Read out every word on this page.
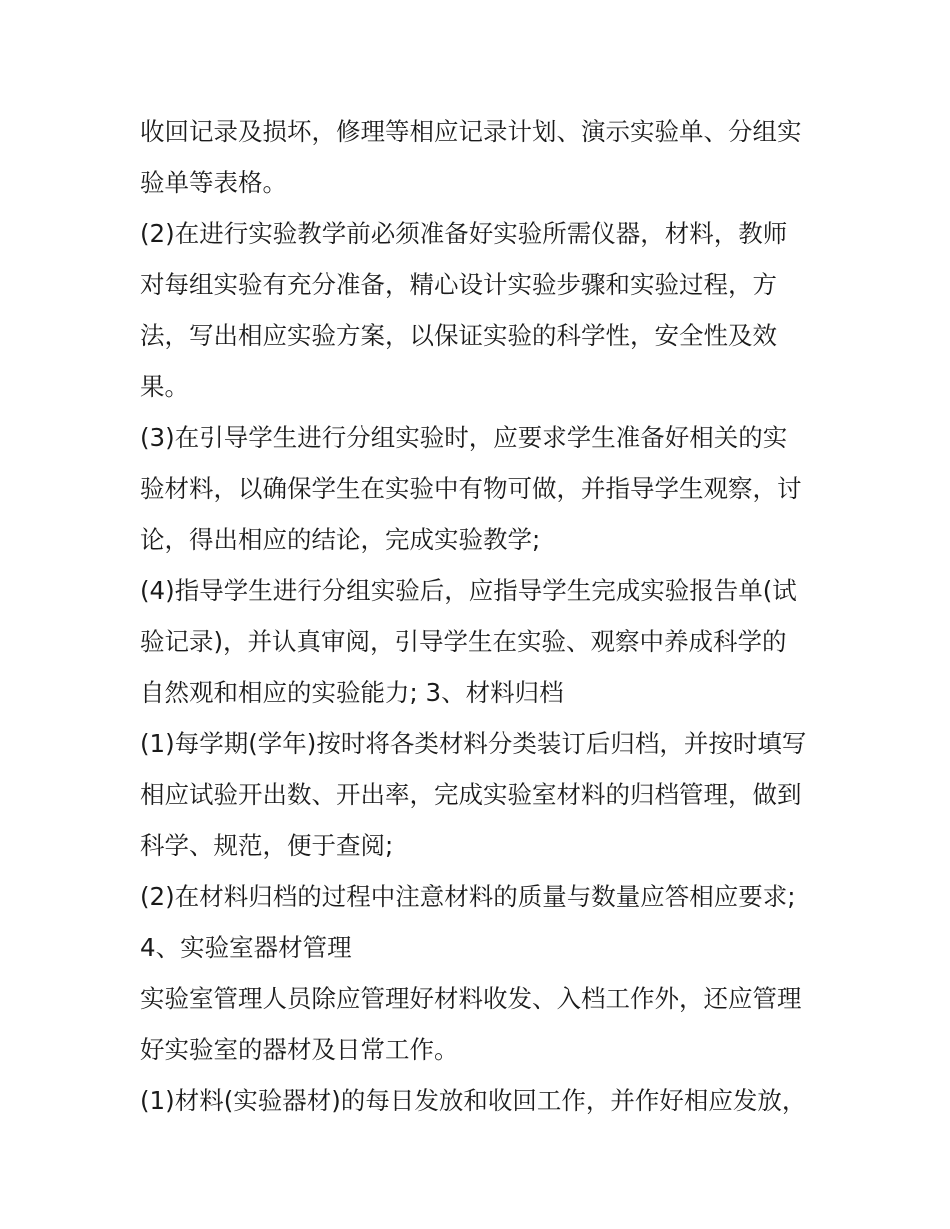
收回记录及损坏，修理等相应记录计划、演示实验单、分组实

验单等表格。

(2)在进行实验教学前必须准备好实验所需仪器，材料，教师

对每组实验有充分准备，精心设计实验步骤和实验过程，方

法，写出相应实验方案，以保证实验的科学性，安全性及效

果。

(3)在引导学生进行分组实验时，应要求学生准备好相关的实

验材料，以确保学生在实验中有物可做，并指导学生观察，讨

论，得出相应的结论，完成实验教学;

(4)指导学生进行分组实验后，应指导学生完成实验报告单(试

验记录)，并认真审阅，引导学生在实验、观察中养成科学的

自然观和相应的实验能力; 3、材料归档

(1)每学期(学年)按时将各类材料分类装订后归档，并按时填写

相应试验开出数、开出率，完成实验室材料的归档管理，做到

科学、规范，便于查阅;

(2)在材料归档的过程中注意材料的质量与数量应答相应要求;

4、实验室器材管理

实验室管理人员除应管理好材料收发、入档工作外，还应管理

好实验室的器材及日常工作。

(1)材料(实验器材)的每日发放和收回工作，并作好相应发放，
